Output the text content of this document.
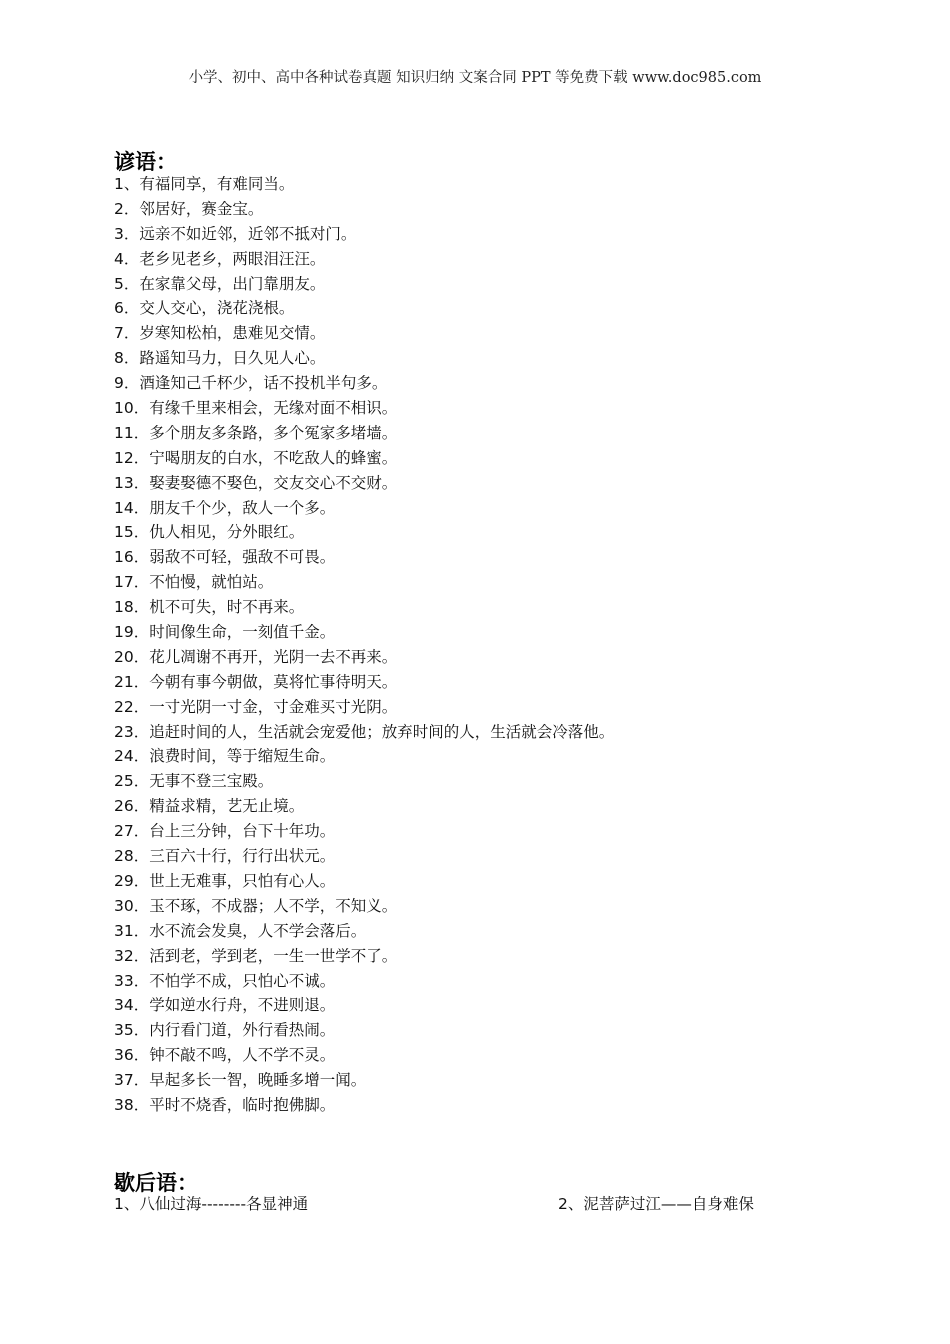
小学、初中、高中各种试卷真题 知识归纳 文案合同 PPT 等免费下载 www.doc985.com
谚语：
1、有福同享，有难同当。
2．邻居好，赛金宝。
3．远亲不如近邻，近邻不抵对门。
4．老乡见老乡，两眼泪汪汪。
5．在家靠父母，出门靠朋友。
6．交人交心，浇花浇根。
7．岁寒知松柏，患难见交情。
8．路遥知马力，日久见人心。
9．酒逢知己千杯少，话不投机半句多。
10．有缘千里来相会，无缘对面不相识。
11．多个朋友多条路，多个冤家多堵墙。
12．宁喝朋友的白水，不吃敌人的蜂蜜。
13．娶妻娶德不娶色，交友交心不交财。
14．朋友千个少，敌人一个多。
15．仇人相见，分外眼红。
16．弱敌不可轻，强敌不可畏。
17．不怕慢，就怕站。
18．机不可失，时不再来。
19．时间像生命，一刻值千金。
20．花儿凋谢不再开，光阴一去不再来。
21．今朝有事今朝做，莫将忙事待明天。
22．一寸光阴一寸金，寸金难买寸光阴。
23．追赶时间的人，生活就会宠爱他；放弃时间的人，生活就会冷落他。
24．浪费时间，等于缩短生命。
25．无事不登三宝殿。
26．精益求精，艺无止境。
27．台上三分钟，台下十年功。
28．三百六十行，行行出状元。
29．世上无难事，只怕有心人。
30．玉不琢，不成器；人不学，不知义。
31．水不流会发臭，人不学会落后。
32．活到老，学到老，一生一世学不了。
33．不怕学不成，只怕心不诚。
34．学如逆水行舟，不进则退。
35．内行看门道，外行看热闹。
36．钟不敲不鸣，人不学不灵。
37．早起多长一智，晚睡多增一闻。
38．平时不烧香，临时抱佛脚。
歇后语：
1、八仙过海--------各显神通	2、泥菩萨过江——自身难保
